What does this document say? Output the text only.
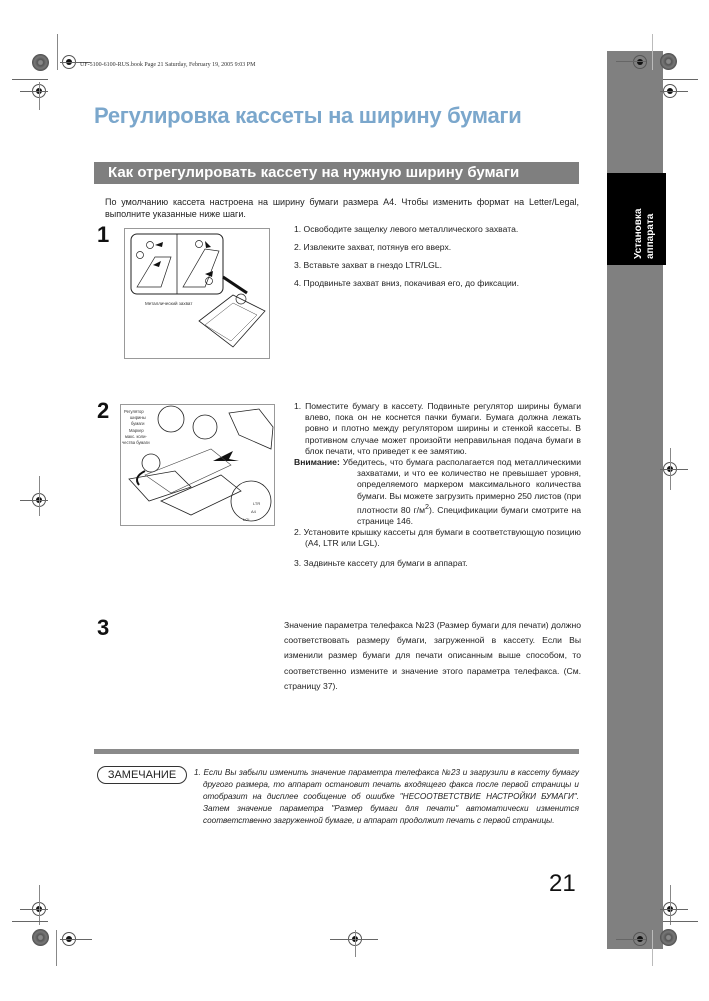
Установка аппарата
UF-5100-6100-RUS.book Page 21 Saturday, February 19, 2005 9:03 PM
Регулировка кассеты на ширину бумаги
Как отрегулировать кассету на нужную ширину бумаги
По умолчанию кассета настроена на ширину бумаги размера А4. Чтобы изменить формат на Letter/Legal, выполните указанные ниже шаги.
1
Металлический захват
1. Освободите защелку левого металлического захвата.
2. Извлеките захват, потянув его вверх.
3. Вставьте захват в гнездо LTR/LGL.
4. Продвиньте захват вниз, покачивая его, до фиксации.
2	Регулятор
ширины
бумаги
Маркер
макс. коли-
чества бумаги
LTR
A4
LGL
1. Поместите бумагу в кассету. Подвиньте регулятор ширины бумаги влево, пока он не коснется пачки бумаги. Бумага должна лежать ровно и плотно между регулятором ширины и стенкой кассеты. В противном случае может произойти неправильная подача бумаги в блок печати, что приведет к ее замятию.
Внимание: Убедитесь, что бумага располагается под металлическими захватами, и что ее количество не превышает уровня, определяемого маркером максимального количества бумаги. Вы можете загрузить примерно 250 листов (при плотности 80 $г/м^2$). Спецификации бумаги смотрите на странице 146.
2. Установите крышку кассеты для бумаги в соответствующую позицию (A4, LTR или LGL).
3. Задвиньте кассету для бумаги в аппарат.
3	Значение параметра телефакса №23 (Размер бумаги для печати) должно соответствовать размеру бумаги, загруженной в кассету. Если Вы изменили размер бумаги для печати описанным выше способом, то соответственно измените и значение этого параметра телефакса. (См. страницу 37).
ЗАМЕЧАНИЕ	1. Если Вы забыли изменить значение параметра телефакса №23 и загрузили в кассету бумагу другого размера, то аппарат остановит печать входящего факса после первой страницы и отобразит на дисплее сообщение об ошибке "НЕСООТВЕТСТВИЕ НАСТРОЙКИ БУМАГИ". Затем значение параметра "Размер бумаги для печати" автоматически изменится соответственно загруженной бумаге, и аппарат продолжит печать с первой страницы.
21
